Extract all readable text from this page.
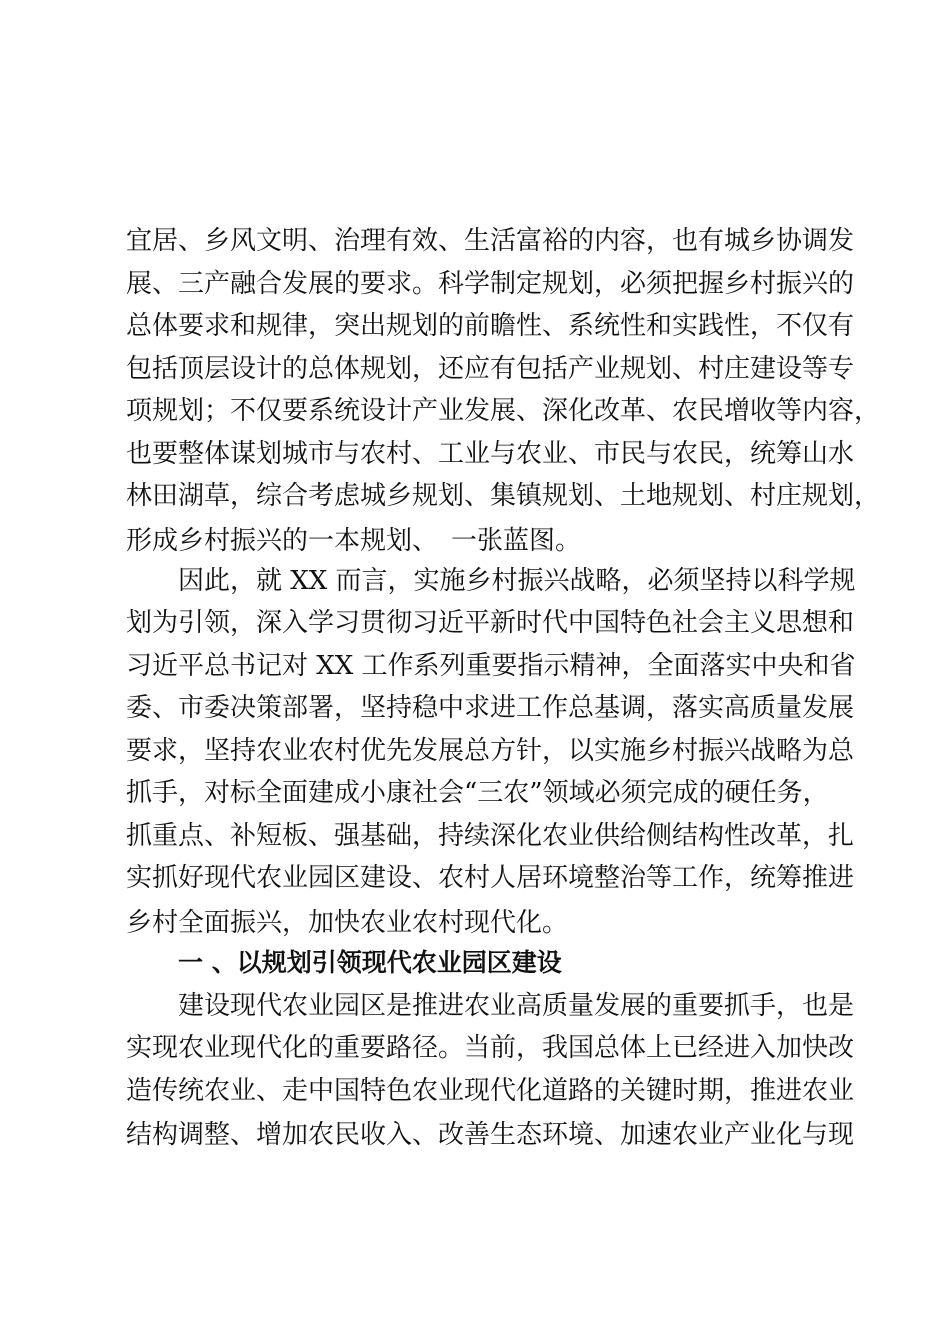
宜居、乡风文明、治理有效、生活富裕的内容，也有城乡协调发
展、三产融合发展的要求。科学制定规划，必须把握乡村振兴的
总体要求和规律，突出规划的前瞻性、系统性和实践性，不仅有
包括顶层设计的总体规划，还应有包括产业规划、村庄建设等专
项规划；不仅要系统设计产业发展、深化改革、农民增收等内容，
也要整体谋划城市与农村、工业与农业、市民与农民，统筹山水
林田湖草，综合考虑城乡规划、集镇规划、土地规划、村庄规划，
形成乡村振兴的一本规划、　一张蓝图。
因此，就 XX 而言，实施乡村振兴战略，必须坚持以科学规
划为引领，深入学习贯彻习近平新时代中国特色社会主义思想和
习近平总书记对 XX 工作系列重要指示精神，全面落实中央和省
委、市委决策部署，坚持稳中求进工作总基调，落实高质量发展
要求，坚持农业农村优先发展总方针，以实施乡村振兴战略为总
抓手，对标全面建成小康社会“三农”领域必须完成的硬任务，
抓重点、补短板、强基础，持续深化农业供给侧结构性改革，扎
实抓好现代农业园区建设、农村人居环境整治等工作，统筹推进
乡村全面振兴，加快农业农村现代化。
一 、以规划引领现代农业园区建设
建设现代农业园区是推进农业高质量发展的重要抓手，也是
实现农业现代化的重要路径。当前，我国总体上已经进入加快改
造传统农业、走中国特色农业现代化道路的关键时期，推进农业
结构调整、增加农民收入、改善生态环境、加速农业产业化与现
